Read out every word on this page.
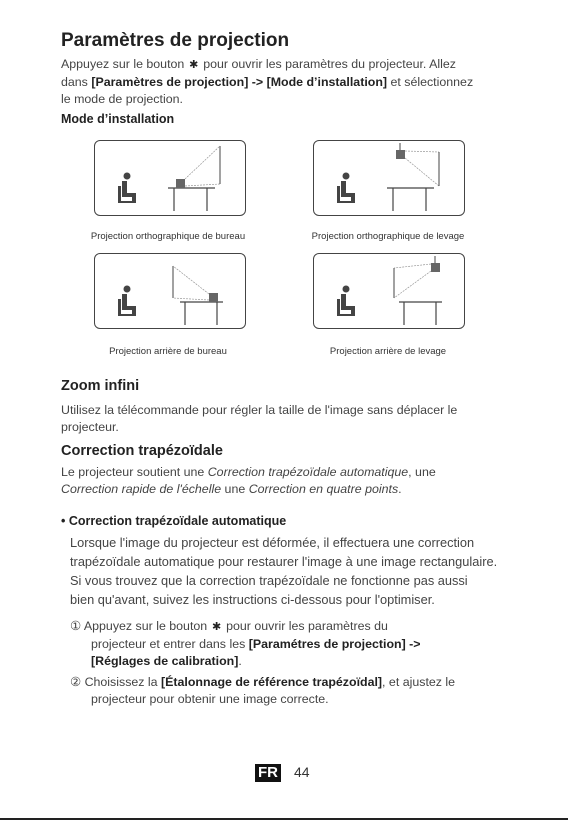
Paramètres de projection
Appuyez sur le bouton ✱ pour ouvrir les paramètres du projecteur. Allez
dans [Paramètres de projection] -> [Mode d’installation] et sélectionnez
le mode de projection.
Mode d’installation
Projection orthographique de bureau	Projection orthographique de levage
Projection arrière de bureau	Projection arrière de levage
Zoom infini
Utilisez la télécommande pour régler la taille de l'image sans déplacer le
projecteur.
Correction trapézoïdale
Le projecteur soutient une Correction trapézoïdale automatique, une
Correction rapide de l'échelle une Correction en quatre points.
• Correction trapézoïdale automatique
Lorsque l'image du projecteur est déformée, il effectuera une correction
trapézoïdale automatique pour restaurer l'image à une image rectangulaire.
Si vous trouvez que la correction trapézoïdale ne fonctionne pas aussi
bien qu'avant, suivez les instructions ci-dessous pour l'optimiser.
① Appuyez sur le bouton ✱ pour ouvrir les paramètres du
projecteur et entrer dans les [Paramétres de projection] ->
[Réglages de calibration].
② Choisissez la [Étalonnage de référence trapézoïdal], et ajustez le
projecteur pour obtenir une image correcte.
FR 44
